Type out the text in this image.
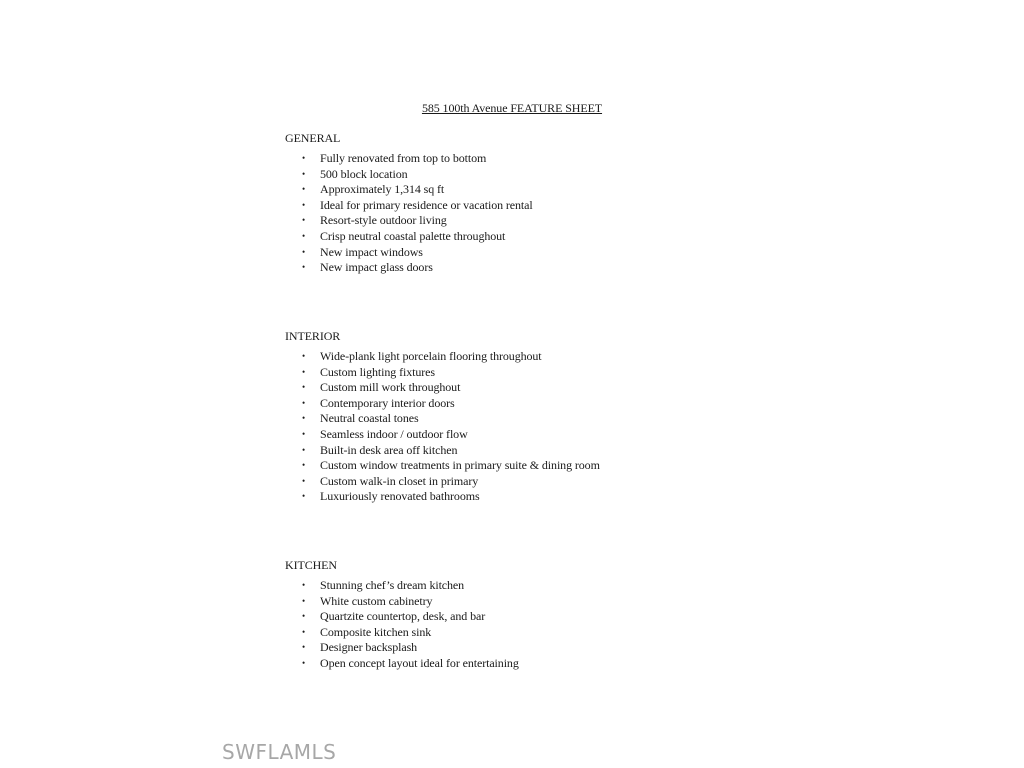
585 100th Avenue FEATURE SHEET
GENERAL
• Fully renovated from top to bottom
• 500 block location
• Approximately 1,314 sq ft
• Ideal for primary residence or vacation rental
• Resort-style outdoor living
• Crisp neutral coastal palette throughout
• New impact windows
• New impact glass doors
INTERIOR
• Wide-plank light porcelain flooring throughout
• Custom lighting fixtures
• Custom mill work throughout
• Contemporary interior doors
• Neutral coastal tones
• Seamless indoor / outdoor flow
• Built-in desk area off kitchen
• Custom window treatments in primary suite & dining room
• Custom walk-in closet in primary
• Luxuriously renovated bathrooms
KITCHEN
• Stunning chef’s dream kitchen
• White custom cabinetry
• Quartzite countertop, desk, and bar
• Composite kitchen sink
• Designer backsplash
• Open concept layout ideal for entertaining
SWFLAMLS
